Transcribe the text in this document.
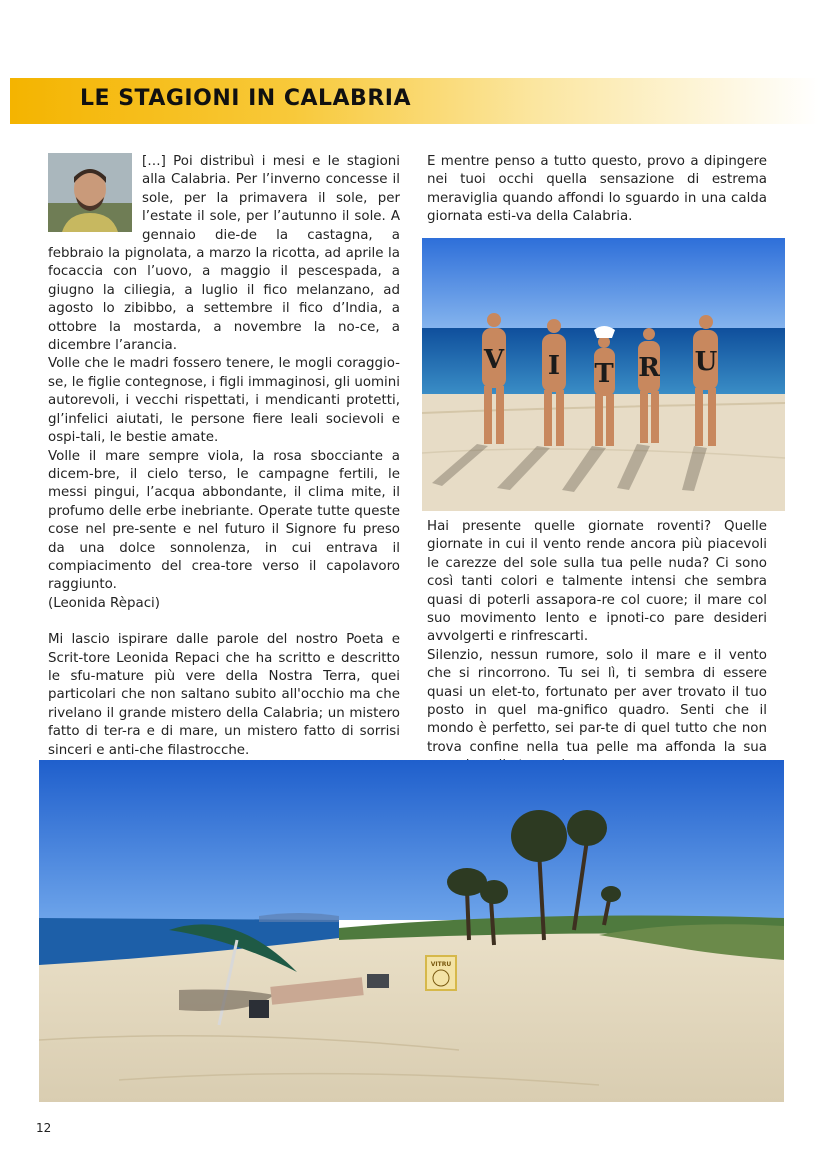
LE STAGIONI IN CALABRIA

[…] Poi distribuì i mesi e le stagioni alla Calabria. Per l’inverno concesse il sole, per la primavera il sole, per l’estate il sole, per l’autunno il sole. A gennaio die-de la castagna, a febbraio la pignolata, a marzo la ricotta, ad aprile la focaccia con l’uovo, a maggio il pescespada, a giugno la ciliegia, a luglio il fico melanzano, ad agosto lo zibibbo, a settembre il fico d’India, a ottobre la mostarda, a novembre la no-ce, a dicembre l’arancia.

Volle che le madri fossero tenere, le mogli coraggio-se, le figlie contegnose, i figli immaginosi, gli uomini autorevoli, i vecchi rispettati, i mendicanti protetti, gl’infelici aiutati, le persone fiere leali socievoli e ospi-tali, le bestie amate.

Volle il mare sempre viola, la rosa sbocciante a dicem-bre, il cielo terso, le campagne fertili, le messi pingui, l’acqua abbondante, il clima mite, il profumo delle erbe inebriante. Operate tutte queste cose nel pre-sente e nel futuro il Signore fu preso da una dolce sonnolenza, in cui entrava il compiacimento del crea-tore verso il capolavoro raggiunto.

(Leonida Rèpaci)

Mi lascio ispirare dalle parole del nostro Poeta e Scrit-tore Leonida Repaci che ha scritto e descritto le sfu-mature più vere della Nostra Terra, quei particolari che non saltano subito all'occhio ma che rivelano il grande mistero della Calabria; un mistero fatto di ter-ra e di mare, un mistero fatto di sorrisi sinceri e anti-che filastrocche.

E mentre penso a tutto questo, provo a dipingere nei tuoi occhi quella sensazione di estrema meraviglia quando affondi lo sguardo in una calda giornata esti-va della Calabria.

V I T R U

Hai presente quelle giornate roventi? Quelle giornate in cui il vento rende ancora più piacevoli le carezze del sole sulla tua pelle nuda? Ci sono così tanti colori e talmente intensi che sembra quasi di poterli assapora-re col cuore; il mare col suo movimento lento e ipnoti-co pare desideri avvolgerti e rinfrescarti.

Silenzio, nessun rumore, solo il mare e il vento che si rincorrono. Tu sei lì, ti sembra di essere quasi un elet-to, fortunato per aver trovato il tuo posto in quel ma-gnifico quadro. Senti che il mondo è perfetto, sei par-te di quel tutto che non trova confine nella tua pelle ma affonda la sua

VITRU
12
